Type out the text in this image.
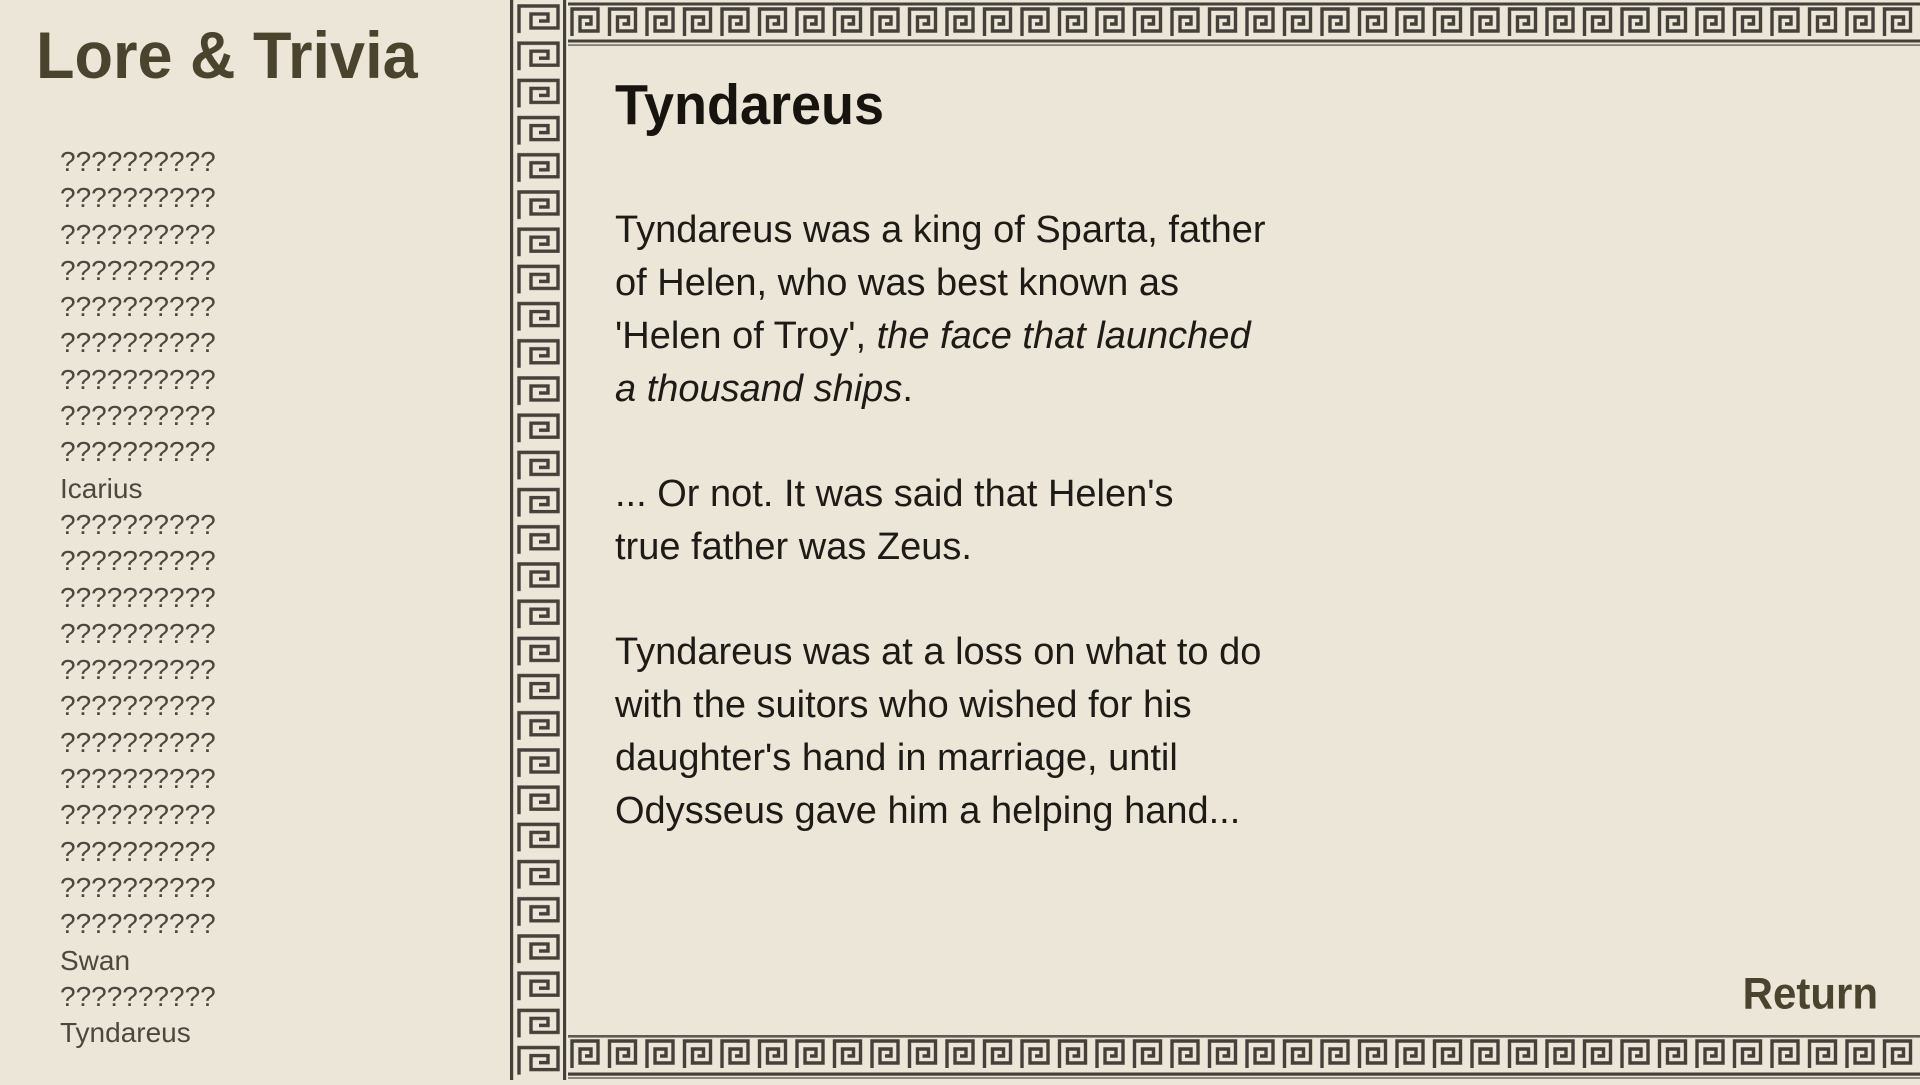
Lore & Trivia
??????????
??????????
??????????
??????????
??????????
??????????
??????????
??????????
??????????
Icarius
??????????
??????????
??????????
??????????
??????????
??????????
??????????
??????????
??????????
??????????
??????????
??????????
Swan
??????????
Tyndareus
Tyndareus
Tyndareus was a king of Sparta, father
of Helen, who was best known as
'Helen of Troy', the face that launched
a thousand ships.
... Or not. It was said that Helen's
true father was Zeus.
Tyndareus was at a loss on what to do
with the suitors who wished for his
daughter's hand in marriage, until
Odysseus gave him a helping hand...
Return
